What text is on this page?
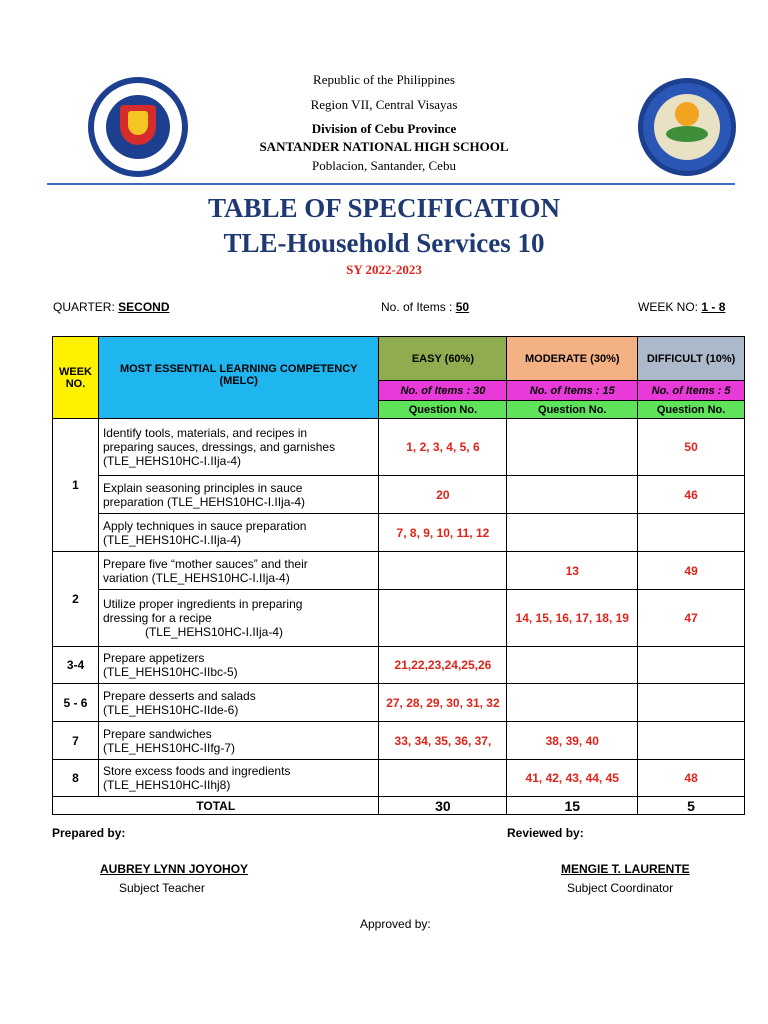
Republic of the Philippines
Region VII, Central Visayas
Division of Cebu Province
SANTANDER NATIONAL HIGH SCHOOL
Poblacion, Santander, Cebu
TABLE OF SPECIFICATION
TLE-Household Services 10
SY 2022-2023
QUARTER: SECOND	No. of Items : 50	WEEK NO: 1 - 8
WEEK NO.	MOST ESSENTIAL LEARNING COMPETENCY (MELC)	EASY (60%)	MODERATE (30%)	DIFFICULT (10%)
		No. of Items : 30	No. of Items : 15	No. of Items : 5
		Question No.	Question No.	Question No.
1	Identify tools, materials, and recipes in
preparing sauces, dressings, and garnishes
(TLE_HEHS10HC-I.IIja-4)	1, 2, 3, 4, 5, 6		50

	Explain seasoning principles in sauce
preparation (TLE_HEHS10HC-I.IIja-4)	20		46

	Apply techniques in sauce preparation
(TLE_HEHS10HC-I.IIja-4)	7, 8, 9, 10, 11, 12		
2	Prepare five “mother sauces” and their
variation (TLE_HEHS10HC-I.IIja-4)		13	49

	Utilize proper ingredients in preparing
dressing for a recipe
(TLE_HEHS10HC-I.IIja-4)		14, 15, 16, 17, 18, 19	47
3-4	Prepare appetizers
(TLE_HEHS10HC-IIbc-5)	21,22,23,24,25,26		
5 - 6	Prepare desserts and salads
(TLE_HEHS10HC-IIde-6)	27, 28, 29, 30, 31, 32		
7	Prepare sandwiches
(TLE_HEHS10HC-IIfg-7)	33, 34, 35, 36, 37,	38, 39, 40	
8	Store excess foods and ingredients
(TLE_HEHS10HC-IIhj8)		41, 42, 43, 44, 45	48
TOTAL		30	15	5
Prepared by:	Reviewed by:
AUBREY LYNN JOYOHOY
Subject Teacher
MENGIE T. LAURENTE
Subject Coordinator
Approved by:
